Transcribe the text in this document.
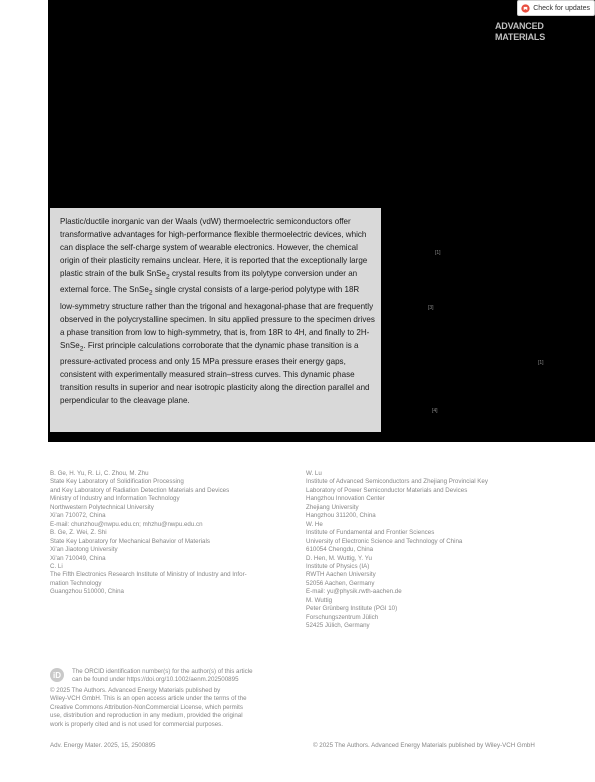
ADVANCED
MATERIALS
Check for updates

Plastic/ductile inorganic van der Waals (vdW) thermoelectric semiconductors offer transformative advantages for high-performance flexible thermoelectric devices, which can displace the self-charge system of wearable electronics. However, the chemical origin of their plasticity remains unclear. Here, it is reported that the exceptionally large plastic strain of the bulk SnSe$_2$ crystal results from its polytype conversion under an external force. The SnSe$_2$ single crystal consists of a large-period polytype with 18R low-symmetry structure rather than the trigonal and hexagonal-phase that are frequently observed in the polycrystalline specimen. In situ applied pressure to the specimen drives a phase transition from low to high-symmetry, that is, from 18R to 4H, and finally to 2H-SnSe$_2$. First principle calculations corroborate that the dynamic phase transition is a pressure-activated process and only 15 MPa pressure erases their energy gaps, consistent with experimentally measured strain–stress curves. This dynamic phase transition results in superior and near isotropic plasticity along the direction parallel and perpendicular to the cleavage plane.

[1]
[3]
[1]
[4]
B. Ge, H. Yu, R. Li, C. Zhou, M. Zhu
State Key Laboratory of Solidification Processing
and Key Laboratory of Radiation Detection Materials and Devices
Ministry of Industry and Information Technology
Northwestern Polytechnical University
Xi'an 710072, China
E-mail: chunzhou@nwpu.edu.cn; mhzhu@nwpu.edu.cn
B. Ge, Z. Wei, Z. Shi
State Key Laboratory for Mechanical Behavior of Materials
Xi'an Jiaotong University
Xi'an 710049, China
C. Li
The Fifth Electronics Research Institute of Ministry of Industry and Infor-
mation Technology
Guangzhou 510000, China
W. Lu
Institute of Advanced Semiconductors and Zhejiang Provincial Key
Laboratory of Power Semiconductor Materials and Devices
Hangzhou Innovation Center
Zhejiang University
Hangzhou 311200, China
W. He
Institute of Fundamental and Frontier Sciences
University of Electronic Science and Technology of China
610054 Chengdu, China
D. Hen, M. Wuttig, Y. Yu
Institute of Physics (IA)
RWTH Aachen University
52056 Aachen, Germany
E-mail: yu@physik.rwth-aachen.de
M. Wuttig
Peter Grünberg Institute (PGI 10)
Forschungszentrum Jülich
52425 Jülich, Germany
iD	The ORCID identification number(s) for the author(s) of this article
can be found under https://doi.org/10.1002/aenm.202500895
© 2025 The Authors. Advanced Energy Materials published by
Wiley-VCH GmbH. This is an open access article under the terms of the
Creative Commons Attribution-NonCommercial License, which permits
use, distribution and reproduction in any medium, provided the original
work is properly cited and is not used for commercial purposes.
Adv. Energy Mater. 2025, 15, 2500895	© 2025 The Authors. Advanced Energy Materials published by Wiley-VCH GmbH
